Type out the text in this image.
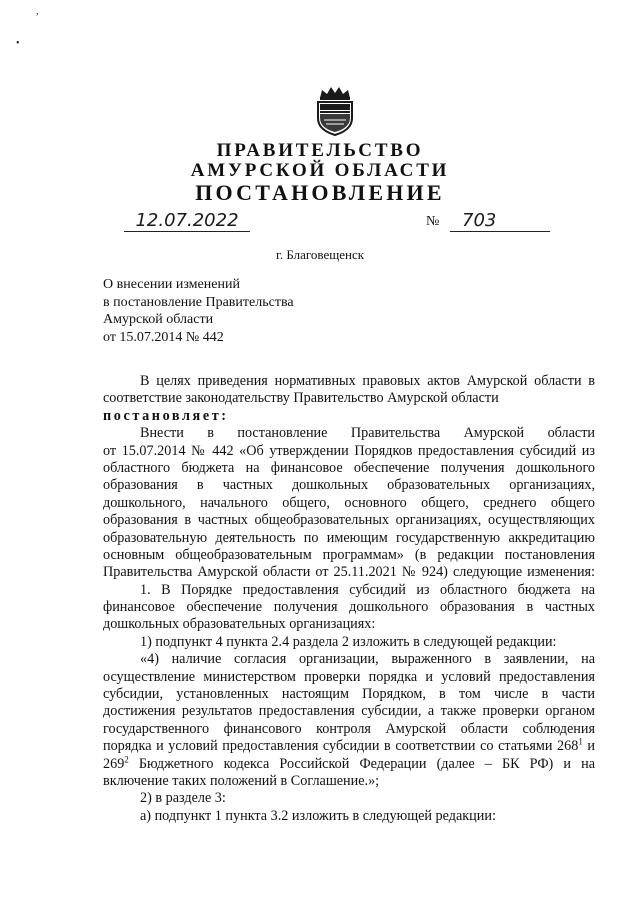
,
•
ПРАВИТЕЛЬСТВО
АМУРСКОЙ ОБЛАСТИ
ПОСТАНОВЛЕНИЕ
12.07.2022	№	703
г. Благовещенск
О внесении изменений
в постановление Правительства
Амурской области
от 15.07.2014 № 442
В целях приведения нормативных правовых актов Амурской области в
соответствие законодательству Правительство Амурской области
постановляет:
Внести в постановление Правительства Амурской области
от 15.07.2014 № 442 «Об утверждении Порядков предоставления субсидий из
областного бюджета на финансовое обеспечение получения дошкольного
образования в частных дошкольных образовательных организациях,
дошкольного, начального общего, основного общего, среднего общего
образования в частных общеобразовательных организациях, осуществляющих
образовательную деятельность по имеющим государственную аккредитацию
основным общеобразовательным программам» (в редакции постановления
Правительства Амурской области от 25.11.2021 № 924) следующие изменения:
1. В Порядке предоставления субсидий из областного бюджета на
финансовое обеспечение получения дошкольного образования в частных
дошкольных образовательных организациях:
1) подпункт 4 пункта 2.4 раздела 2 изложить в следующей редакции:
«4) наличие согласия организации, выраженного в заявлении, на
осуществление министерством проверки порядка и условий предоставления
субсидии, установленных настоящим Порядком, в том числе в части
достижения результатов предоставления субсидии, а также проверки органом
государственного финансового контроля Амурской области соблюдения
порядка и условий предоставления субсидии в соответствии со статьями $268^1$ и
$269^2$ Бюджетного кодекса Российской Федерации (далее – БК РФ) и на
включение таких положений в Соглашение.»;
2) в разделе 3:
а) подпункт 1 пункта 3.2 изложить в следующей редакции:
